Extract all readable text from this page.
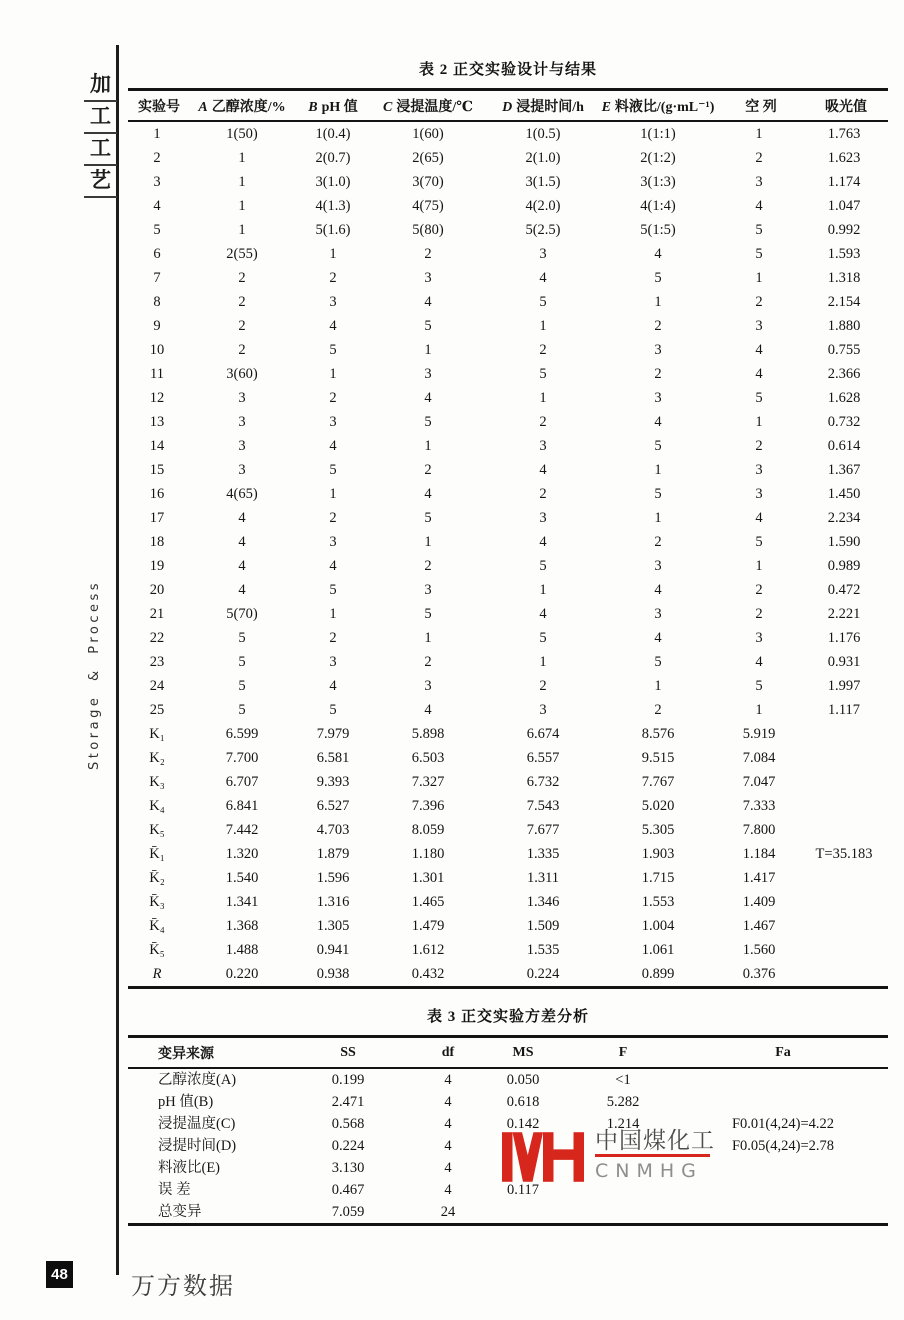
加
工
工
艺
Storage & Process
表 2 正交实验设计与结果
实验号	A 乙醇浓度/%	B pH 值	C 浸提温度/℃	D 浸提时间/h	E 料液比/(g·mL⁻¹)	空 列	吸光值
1	1(50)	1(0.4)	1(60)	1(0.5)	1(1:1)	1	1.763
2	1	2(0.7)	2(65)	2(1.0)	2(1:2)	2	1.623
3	1	3(1.0)	3(70)	3(1.5)	3(1:3)	3	1.174
4	1	4(1.3)	4(75)	4(2.0)	4(1:4)	4	1.047
5	1	5(1.6)	5(80)	5(2.5)	5(1:5)	5	0.992
6	2(55)	1	2	3	4	5	1.593
7	2	2	3	4	5	1	1.318
8	2	3	4	5	1	2	2.154
9	2	4	5	1	2	3	1.880
10	2	5	1	2	3	4	0.755
11	3(60)	1	3	5	2	4	2.366
12	3	2	4	1	3	5	1.628
13	3	3	5	2	4	1	0.732
14	3	4	1	3	5	2	0.614
15	3	5	2	4	1	3	1.367
16	4(65)	1	4	2	5	3	1.450
17	4	2	5	3	1	4	2.234
18	4	3	1	4	2	5	1.590
19	4	4	2	5	3	1	0.989
20	4	5	3	1	4	2	0.472
21	5(70)	1	5	4	3	2	2.221
22	5	2	1	5	4	3	1.176
23	5	3	2	1	5	4	0.931
24	5	4	3	2	1	5	1.997
25	5	5	4	3	2	1	1.117
K₁	6.599	7.979	5.898	6.674	8.576	5.919	
K₂	7.700	6.581	6.503	6.557	9.515	7.084	
K₃	6.707	9.393	7.327	6.732	7.767	7.047	
K₄	6.841	6.527	7.396	7.543	5.020	7.333	
K₅	7.442	4.703	8.059	7.677	5.305	7.800	
K̄₁	1.320	1.879	1.180	1.335	1.903	1.184	T=35.183
K̄₂	1.540	1.596	1.301	1.311	1.715	1.417	
K̄₃	1.341	1.316	1.465	1.346	1.553	1.409	
K̄₄	1.368	1.305	1.479	1.509	1.004	1.467	
K̄₅	1.488	0.941	1.612	1.535	1.061	1.560	
R	0.220	0.938	0.432	0.224	0.899	0.376	
表 3 正交实验方差分析
变异来源	SS	df	MS	F	Fa
乙醇浓度(A)	0.199	4	0.050	<1	
pH 值(B)	2.471	4	0.618	5.282	
浸提温度(C)	0.568	4	0.142	1.214	F0.01(4,24)=4.22
浸提时间(D)	0.224	4			F0.05(4,24)=2.78
料液比(E)	3.130	4			
误 差	0.467	4	0.117		
总变异	7.059	24			
中国煤化工
CNMHG
48	万方数据
